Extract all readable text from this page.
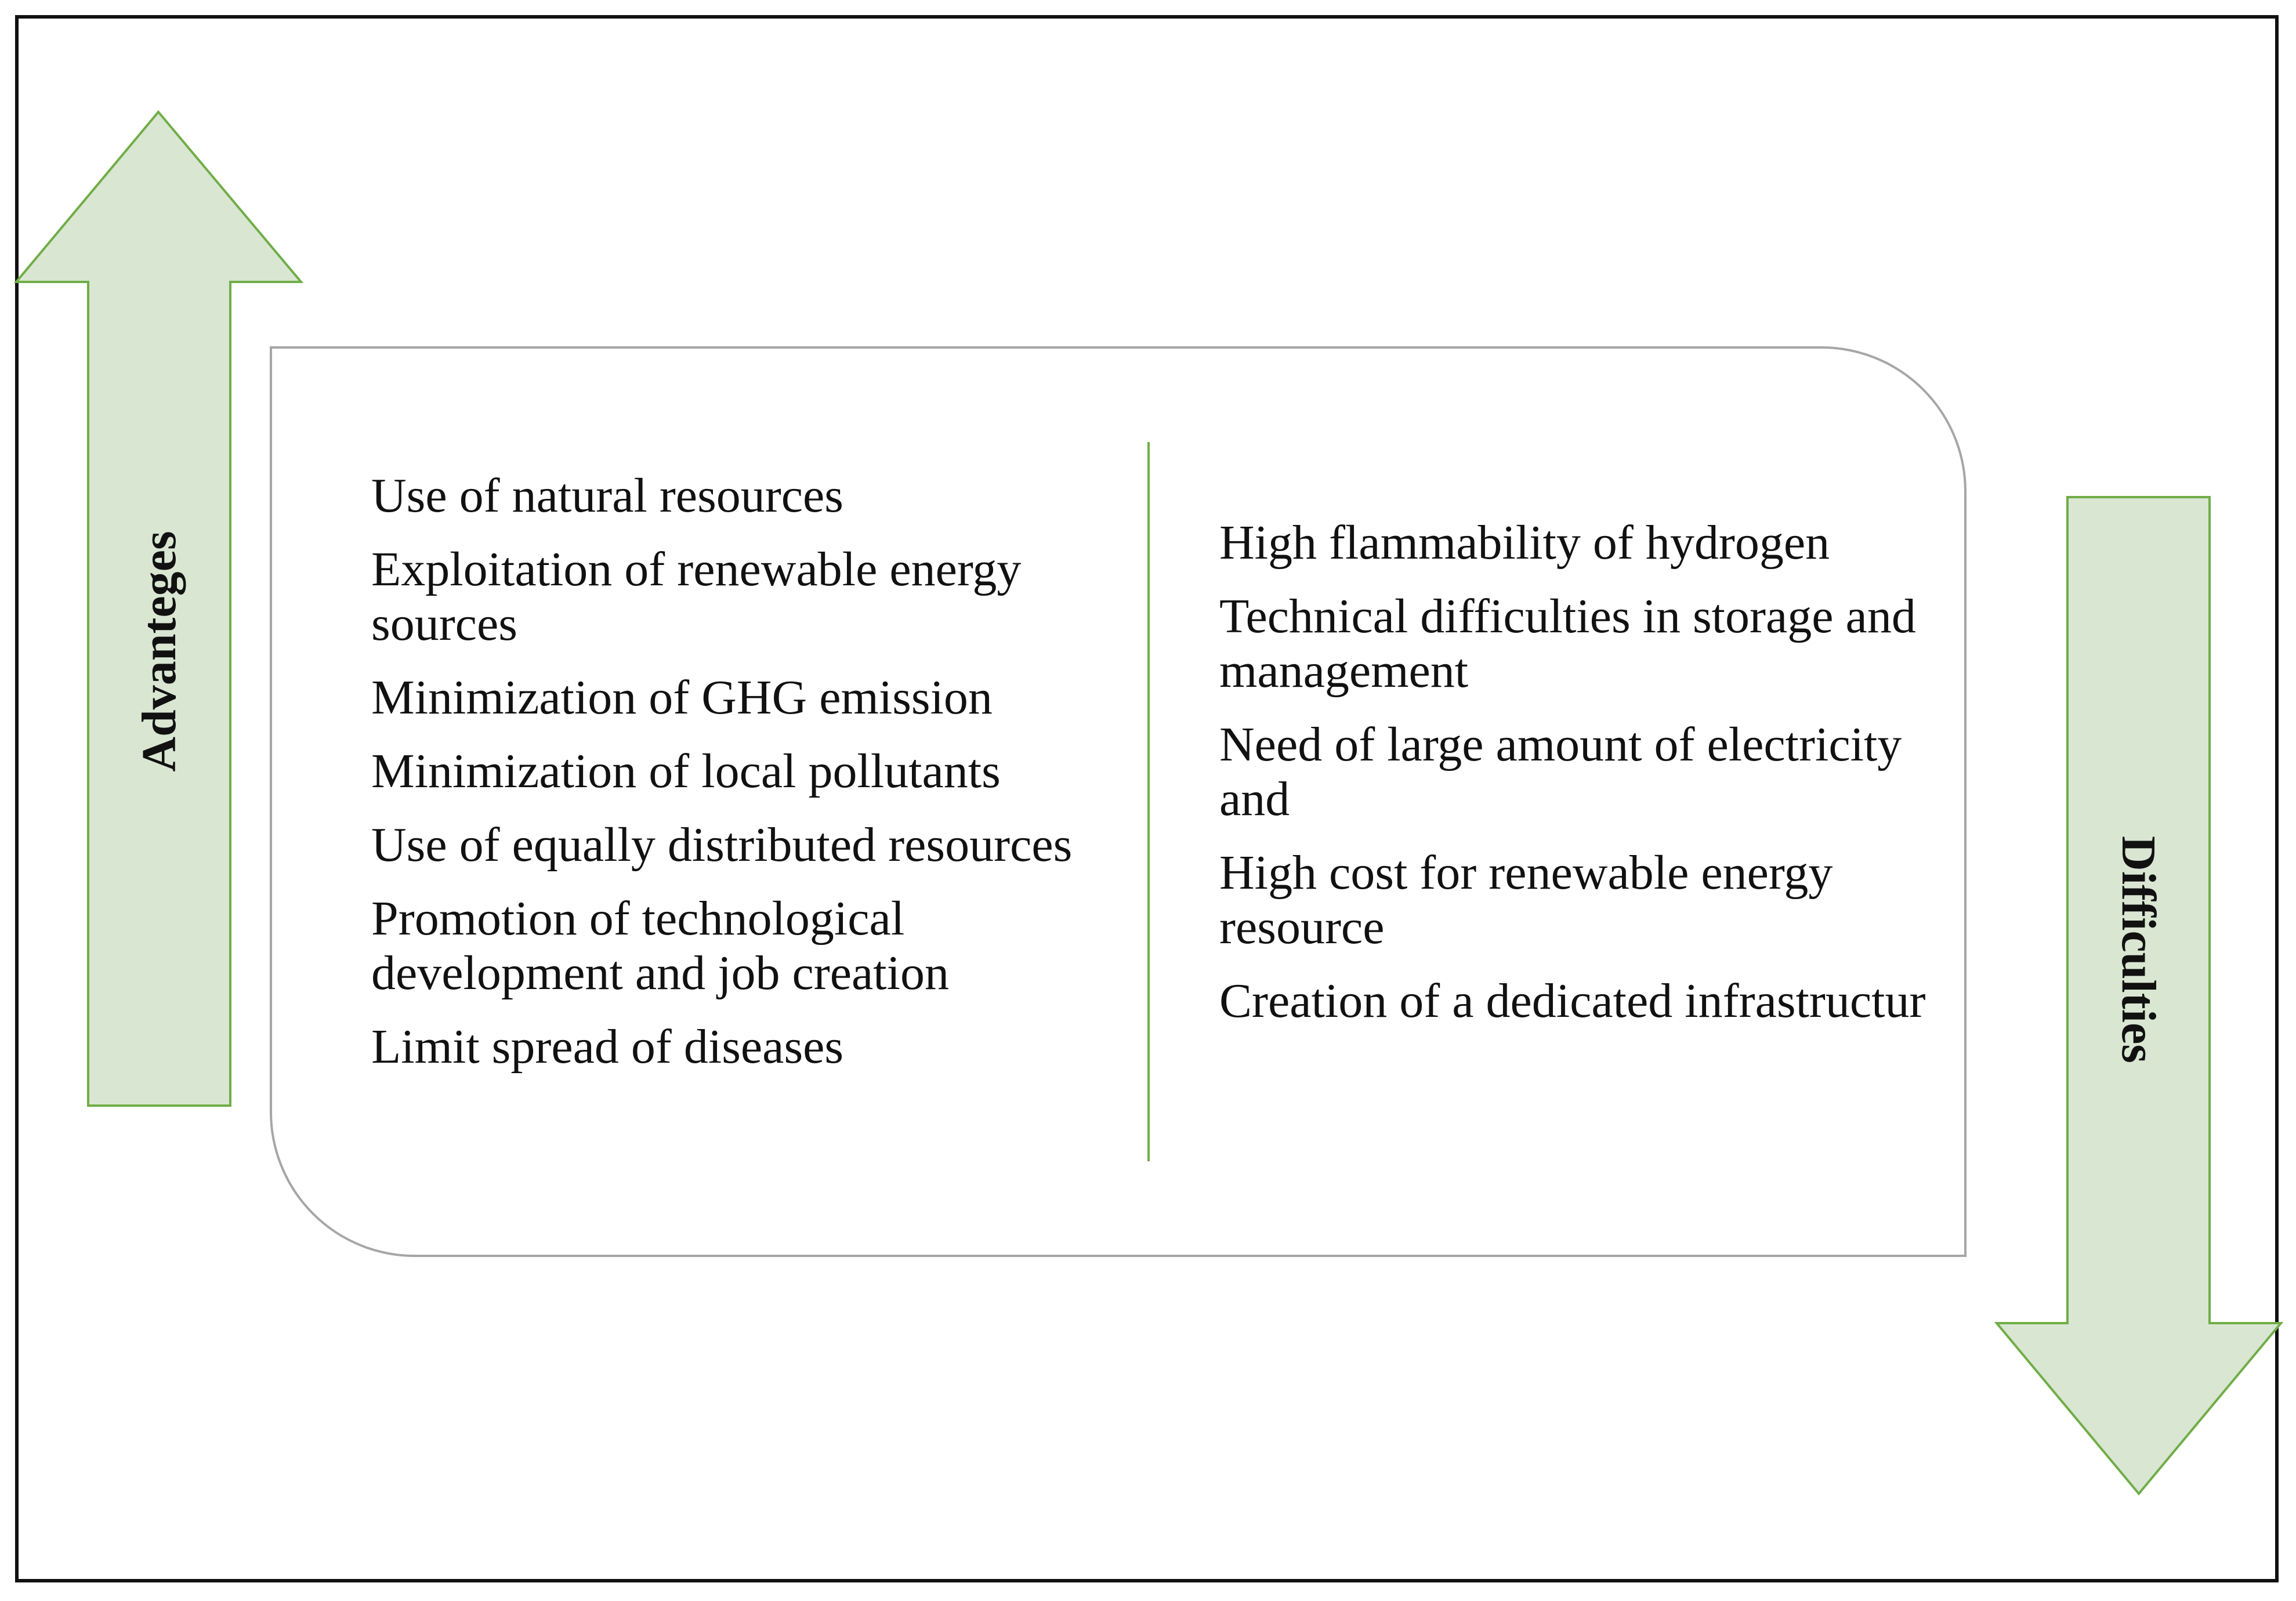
Advanteges
Difficulties
Use of natural resources
Exploitation of renewable energy sources
Minimization of GHG emission
Minimization of local pollutants
Use of equally distributed resources
Promotion of technological development and job creation
Limit spread of diseases
High flammability of hydrogen
Technical difficulties in storage and management
Need of large amount of electricity and
High cost for renewable energy resource
Creation of a dedicated infrastructur
